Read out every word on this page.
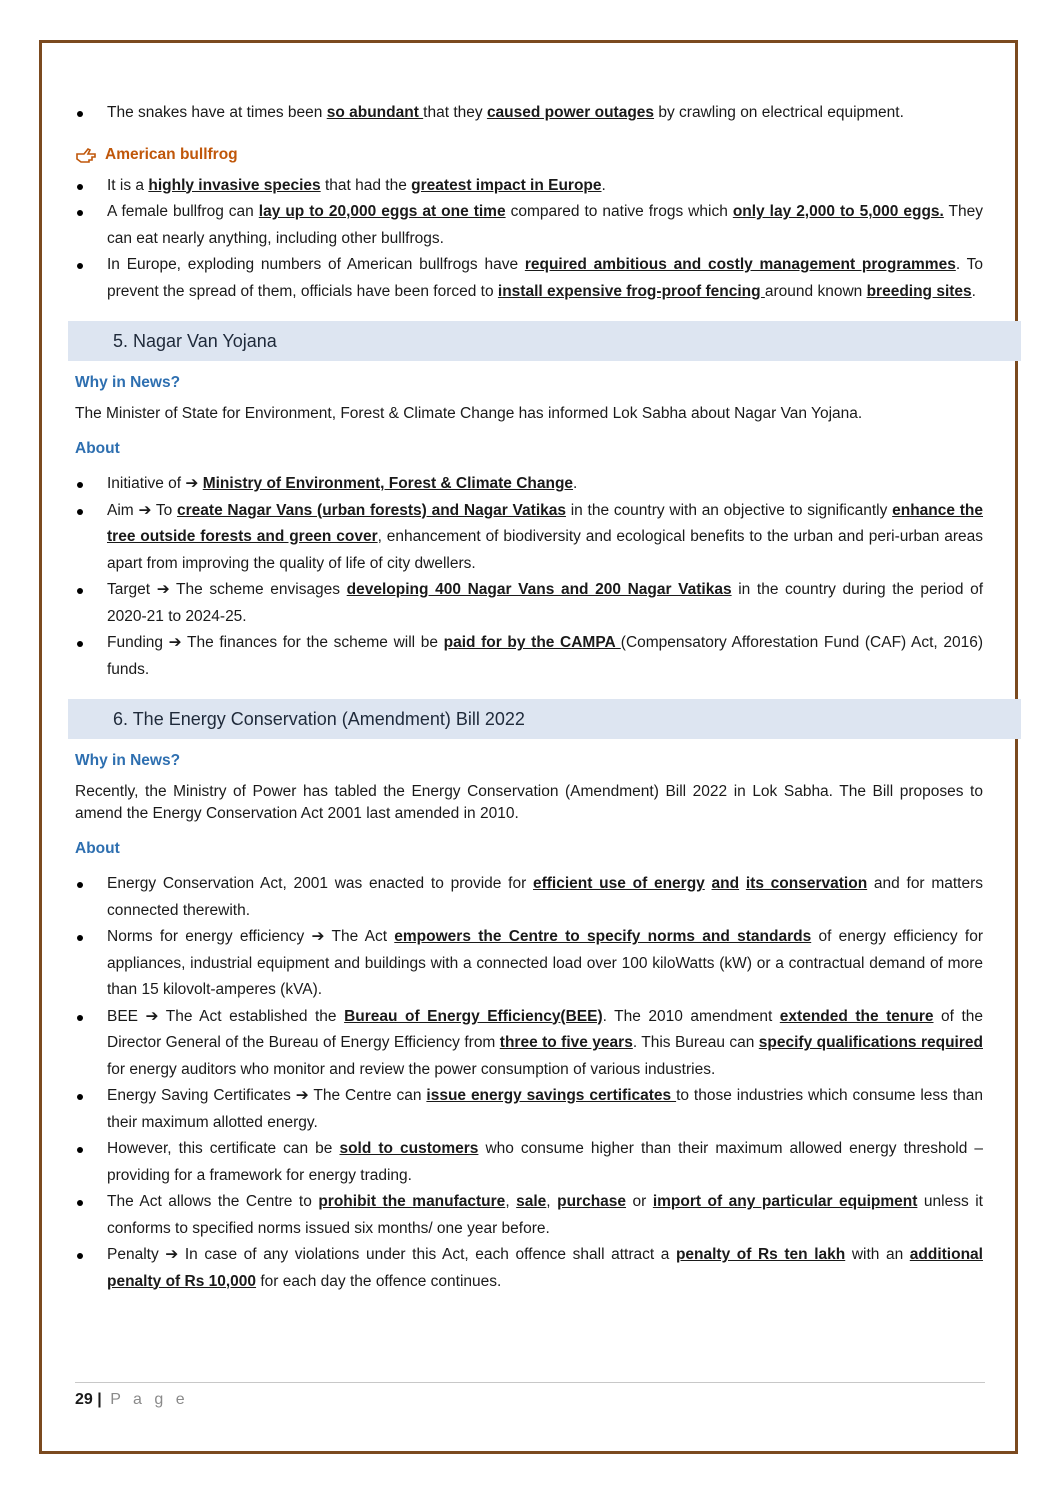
The snakes have at times been so abundant that they caused power outages by crawling on electrical equipment.

American bullfrog

It is a highly invasive species that had the greatest impact in Europe.

A female bullfrog can lay up to 20,000 eggs at one time compared to native frogs which only lay 2,000 to 5,000 eggs. They can eat nearly anything, including other bullfrogs.

In Europe, exploding numbers of American bullfrogs have required ambitious and costly management programmes. To prevent the spread of them, officials have been forced to install expensive frog-proof fencing around known breeding sites.

5. Nagar Van Yojana
Why in News?

The Minister of State for Environment, Forest & Climate Change has informed Lok Sabha about Nagar Van Yojana.

About

Initiative of ➔ Ministry of Environment, Forest & Climate Change.

Aim ➔ To create Nagar Vans (urban forests) and Nagar Vatikas in the country with an objective to significantly enhance the tree outside forests and green cover, enhancement of biodiversity and ecological benefits to the urban and peri-urban areas apart from improving the quality of life of city dwellers.

Target ➔ The scheme envisages developing 400 Nagar Vans and 200 Nagar Vatikas in the country during the period of 2020-21 to 2024-25.

Funding ➔ The finances for the scheme will be paid for by the CAMPA (Compensatory Afforestation Fund (CAF) Act, 2016) funds.

6. The Energy Conservation (Amendment) Bill 2022
Why in News?

Recently, the Ministry of Power has tabled the Energy Conservation (Amendment) Bill 2022 in Lok Sabha. The Bill proposes to amend the Energy Conservation Act 2001 last amended in 2010.

About

Energy Conservation Act, 2001 was enacted to provide for efficient use of energy and its conservation and for matters connected therewith.

Norms for energy efficiency ➔ The Act empowers the Centre to specify norms and standards of energy efficiency for appliances, industrial equipment and buildings with a connected load over 100 kiloWatts (kW) or a contractual demand of more than 15 kilovolt-amperes (kVA).

BEE ➔ The Act established the Bureau of Energy Efficiency(BEE). The 2010 amendment extended the tenure of the Director General of the Bureau of Energy Efficiency from three to five years. This Bureau can specify qualifications required for energy auditors who monitor and review the power consumption of various industries.

Energy Saving Certificates ➔ The Centre can issue energy savings certificates to those industries which consume less than their maximum allotted energy.

However, this certificate can be sold to customers who consume higher than their maximum allowed energy threshold – providing for a framework for energy trading.

The Act allows the Centre to prohibit the manufacture, sale, purchase or import of any particular equipment unless it conforms to specified norms issued six months/ one year before.

Penalty ➔ In case of any violations under this Act, each offence shall attract a penalty of Rs ten lakh with an additional penalty of Rs 10,000 for each day the offence continues.

29 | P a g e
